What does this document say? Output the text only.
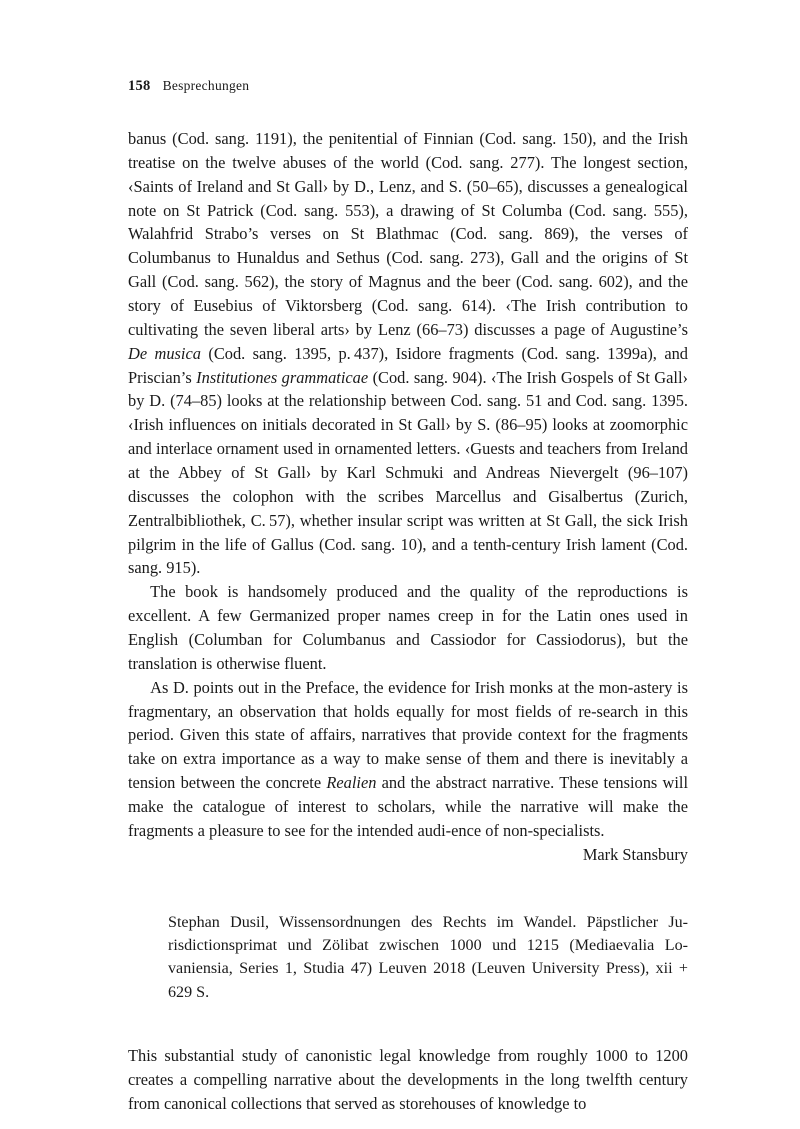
158 Besprechungen

banus (Cod. sang. 1191), the penitential of Finnian (Cod. sang. 150), and the Irish treatise on the twelve abuses of the world (Cod. sang. 277). The longest section, ‹Saints of Ireland and St Gall› by D., Lenz, and S. (50–65), discusses a genealogical note on St Patrick (Cod. sang. 553), a drawing of St Columba (Cod. sang. 555), Walahfrid Strabo’s verses on St Blathmac (Cod. sang. 869), the verses of Columbanus to Hunaldus and Sethus (Cod. sang. 273), Gall and the origins of St Gall (Cod. sang. 562), the story of Magnus and the beer (Cod. sang. 602), and the story of Eusebius of Viktorsberg (Cod. sang. 614). ‹The Irish contribution to cultivating the seven liberal arts› by Lenz (66–73) discusses a page of Augustine’s De musica (Cod. sang. 1395, p. 437), Isidore fragments (Cod. sang. 1399a), and Priscian’s Institutiones grammaticae (Cod. sang. 904). ‹The Irish Gospels of St Gall› by D. (74–85) looks at the relationship between Cod. sang. 51 and Cod. sang. 1395. ‹Irish influences on initials decorated in St Gall› by S. (86–95) looks at zoomorphic and interlace ornament used in ornamented letters. ‹Guests and teachers from Ireland at the Abbey of St Gall› by Karl Schmuki and Andreas Nievergelt (96–107) discusses the colophon with the scribes Marcellus and Gisalbertus (Zurich, Zentralbibliothek, C. 57), whether insular script was written at St Gall, the sick Irish pilgrim in the life of Gallus (Cod. sang. 10), and a tenth-century Irish lament (Cod. sang. 915).

The book is handsomely produced and the quality of the reproductions is excellent. A few Germanized proper names creep in for the Latin ones used in English (Columban for Columbanus and Cassiodor for Cassiodorus), but the translation is otherwise fluent.

As D. points out in the Preface, the evidence for Irish monks at the mon-astery is fragmentary, an observation that holds equally for most fields of re-search in this period. Given this state of affairs, narratives that provide context for the fragments take on extra importance as a way to make sense of them and there is inevitably a tension between the concrete Realien and the abstract narrative. These tensions will make the catalogue of interest to scholars, while the narrative will make the fragments a pleasure to see for the intended audi-ence of non-specialists.

Mark Stansbury

Stephan Dusil, Wissensordnungen des Rechts im Wandel. Päpstlicher Ju-risdictionsprimat und Zölibat zwischen 1000 und 1215 (Mediaevalia Lo-vaniensia, Series 1, Studia 47) Leuven 2018 (Leuven University Press), xii + 629 S.

This substantial study of canonistic legal knowledge from roughly 1000 to 1200 creates a compelling narrative about the developments in the long twelfth century from canonical collections that served as storehouses of knowledge to
